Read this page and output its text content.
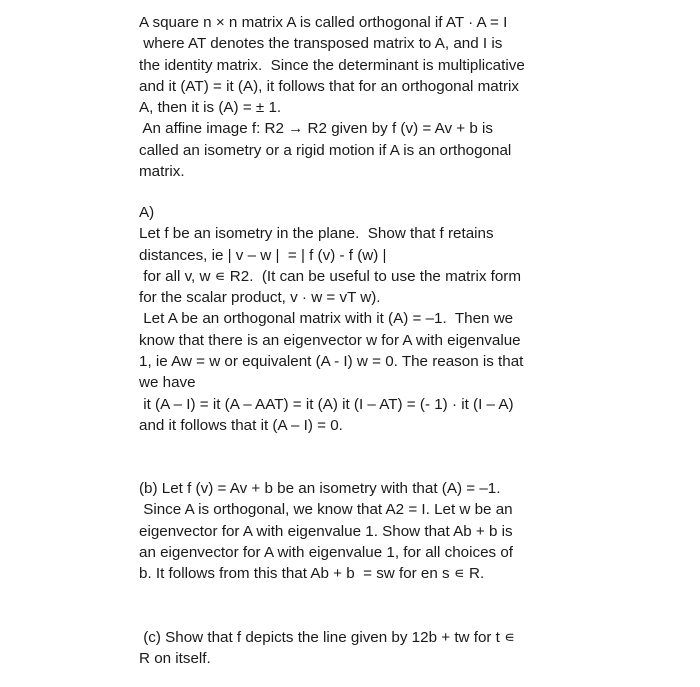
A square n × n matrix A is called orthogonal if AT · A = I
where AT denotes the transposed matrix to A, and I is
the identity matrix.  Since the determinant is multiplicative
and it (AT) = it (A), it follows that for an orthogonal matrix
A, then it is (A) = ± 1.
An affine image f: R2 → R2 given by f (v) = Av + b is
called an isometry or a rigid motion if A is an orthogonal
matrix.
A)
Let f be an isometry in the plane.  Show that f retains
distances, ie | v – w |  = | f (v) - f (w) |
for all v, w ∊ R2.  (It can be useful to use the matrix form
for the scalar product, v · w = vT w).
Let A be an orthogonal matrix with it (A) = –1.  Then we
know that there is an eigenvector w for A with eigenvalue
1, ie Aw = w or equivalent (A - I) w = 0. The reason is that
we have
it (A – I) = it (A – AAT) = it (A) it (I – AT) = (- 1) · it (I – A)
and it follows that it (A – I) = 0.
(b) Let f (v) = Av + b be an isometry with that (A) = –1.
Since A is orthogonal, we know that A2 = I. Let w be an
eigenvector for A with eigenvalue 1. Show that Ab + b is
an eigenvector for A with eigenvalue 1, for all choices of
b. It follows from this that Ab + b  = sw for en s ∊ R.
(c) Show that f depicts the line given by 12b + tw for t ∊
R on itself.
